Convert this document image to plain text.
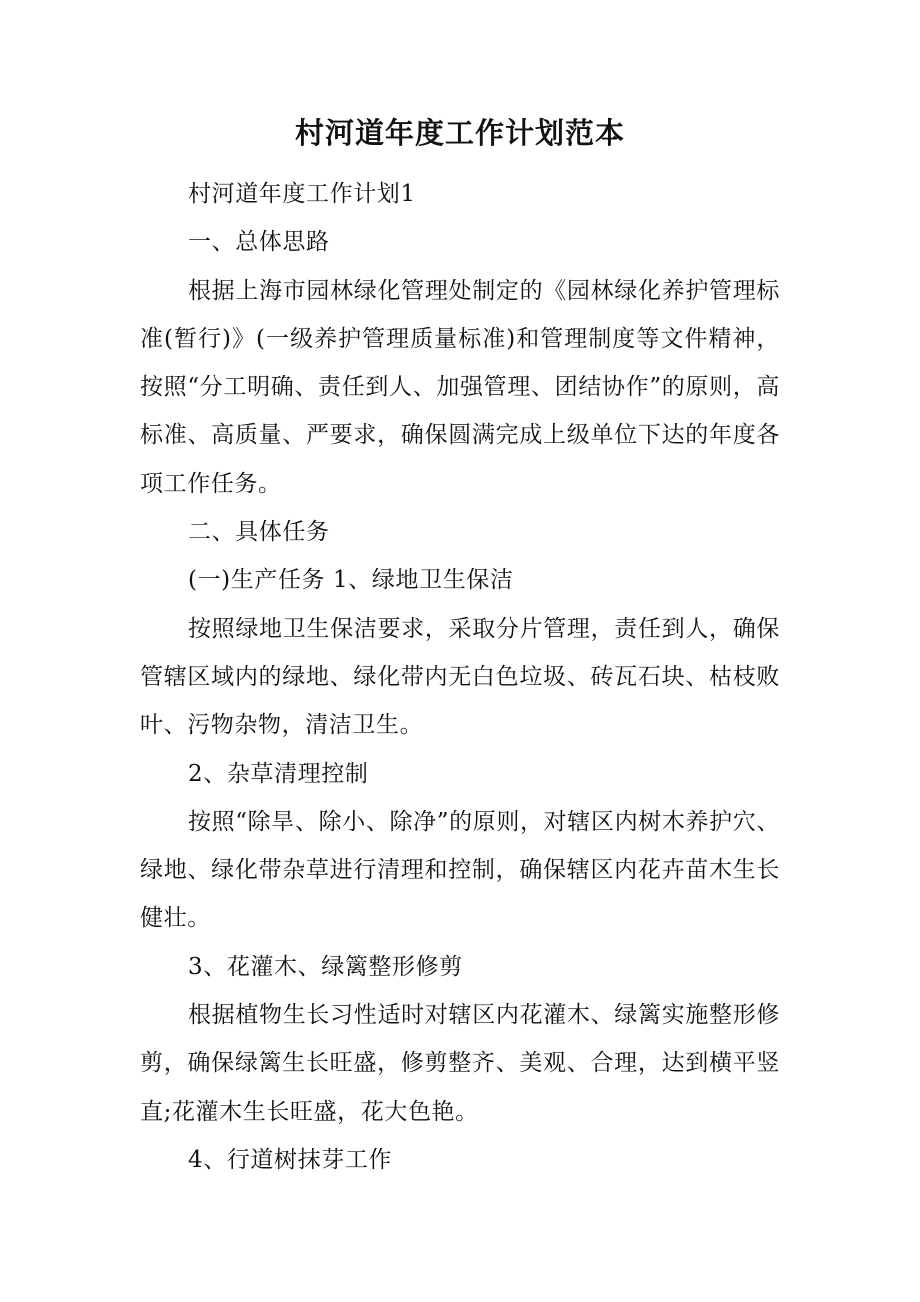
村河道年度工作计划范本

村河道年度工作计划1

一、总体思路

根据上海市园林绿化管理处制定的《园林绿化养护管理标准(暂行)》(一级养护管理质量标准)和管理制度等文件精神，按照“分工明确、责任到人、加强管理、团结协作”的原则，高标准、高质量、严要求，确保圆满完成上级单位下达的年度各项工作任务。

二、具体任务

(一)生产任务 1、绿地卫生保洁

按照绿地卫生保洁要求，采取分片管理，责任到人，确保管辖区域内的绿地、绿化带内无白色垃圾、砖瓦石块、枯枝败叶、污物杂物，清洁卫生。

2、杂草清理控制

按照“除旱、除小、除净”的原则，对辖区内树木养护穴、绿地、绿化带杂草进行清理和控制，确保辖区内花卉苗木生长健壮。

3、花灌木、绿篱整形修剪

根据植物生长习性适时对辖区内花灌木、绿篱实施整形修剪，确保绿篱生长旺盛，修剪整齐、美观、合理，达到横平竖直;花灌木生长旺盛，花大色艳。

4、行道树抹芽工作
